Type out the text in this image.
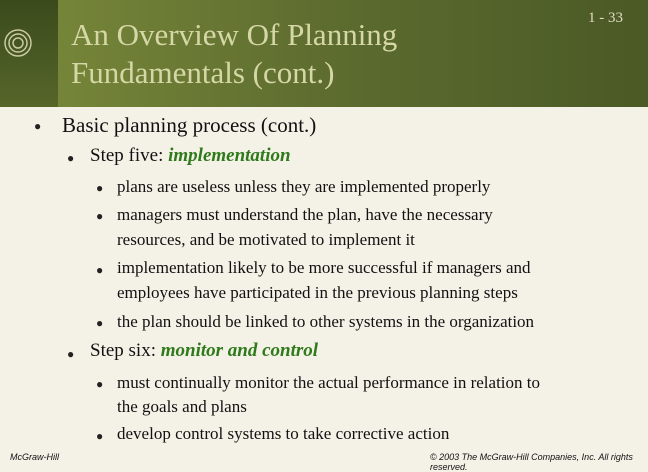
An Overview Of Planning
Fundamentals (cont.)
1 - 33
● Basic planning process (cont.)
● Step five: implementation
● plans are useless unless they are implemented properly
● managers must understand the plan, have the necessary
resources, and be motivated to implement it
● implementation likely to be more successful if managers and
employees have participated in the previous planning steps
● the plan should be linked to other systems in the organization
● Step six: monitor and control
● must continually monitor the actual performance in relation to
the goals and plans
● develop control systems to take corrective action
McGraw-Hill	© 2003 The McGraw-Hill Companies, Inc. All rights reserved.
